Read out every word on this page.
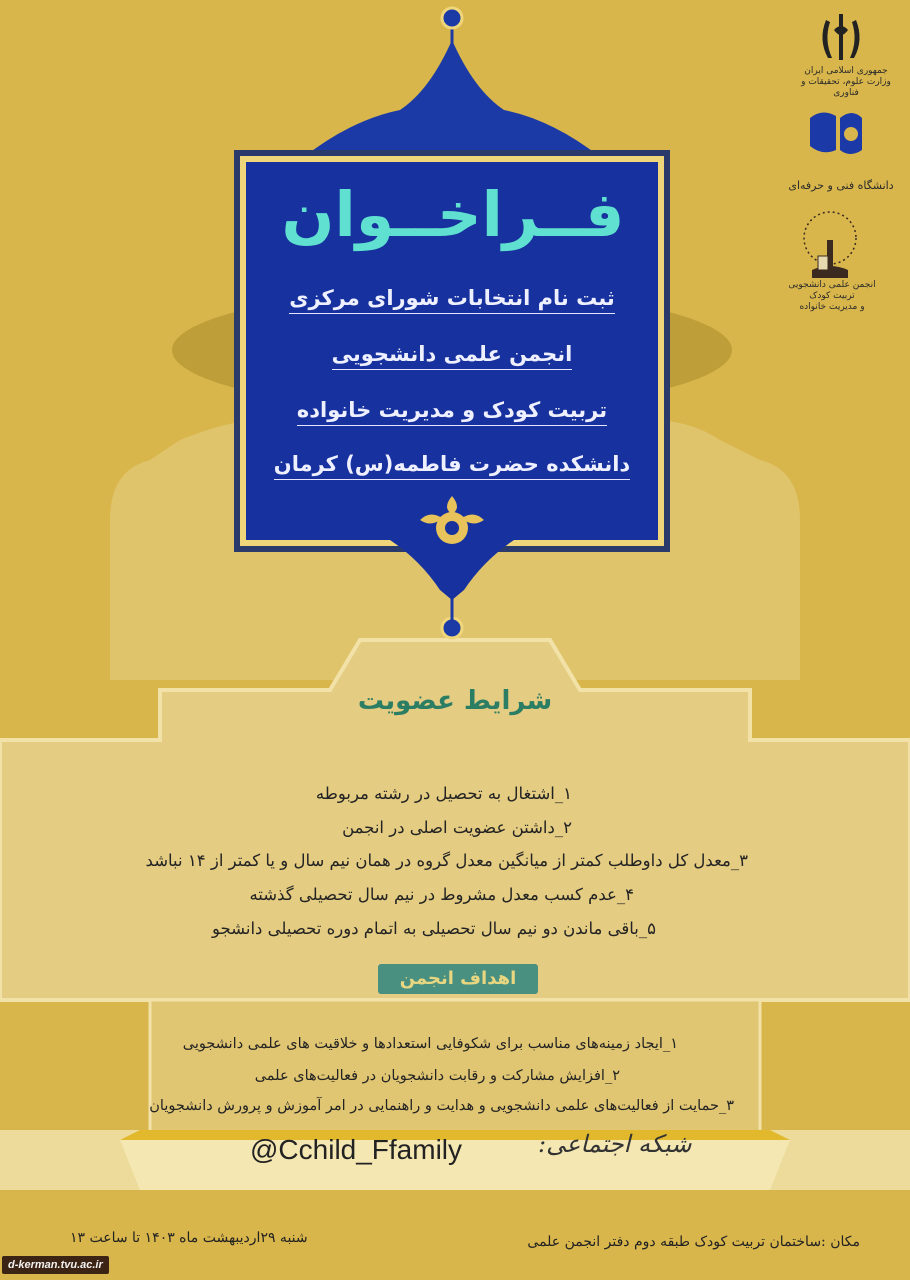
جمهوری اسلامی ایران
وزارت علوم، تحقیقات و فناوری
دانشگاه فنی و حرفه‌ای
انجمن علمی دانشجویی
تربیت کودک
و مدیریت خانواده
فــراخــوان
ثبت نام انتخابات شورای مرکزی
انجمن علمی دانشجویی
تربیت کودک و مدیریت خانواده
دانشکده حضرت فاطمه(س) کرمان
شرایط عضویت
۱_اشتغال به تحصیل در رشته مربوطه
۲_داشتن عضویت اصلی در انجمن
۳_معدل کل داوطلب کمتر از میانگین معدل گروه در همان نیم سال و یا کمتر از ۱۴ نباشد
۴_عدم کسب معدل مشروط در نیم سال تحصیلی گذشته
۵_باقی ماندن دو نیم سال تحصیلی به اتمام دوره تحصیلی دانشجو
اهداف انجمن
۱_ایجاد زمینه‌های مناسب برای شکوفایی استعدادها و خلاقیت های علمی دانشجویی
۲_افزایش مشارکت و رقابت دانشجویان در فعالیت‌های علمی
۳_حمایت از فعالیت‌های علمی دانشجویی و هدایت و راهنمایی در امر آموزش و پرورش دانشجویان
@Cchild_Ffamily	شبکه اجتماعی:
مکان :ساختمان تربیت کودک طبقه دوم دفتر انجمن علمی
شنبه ۲۹اردیبهشت ماه ۱۴۰۳ تا ساعت ۱۳
d-kerman.tvu.ac.ir
